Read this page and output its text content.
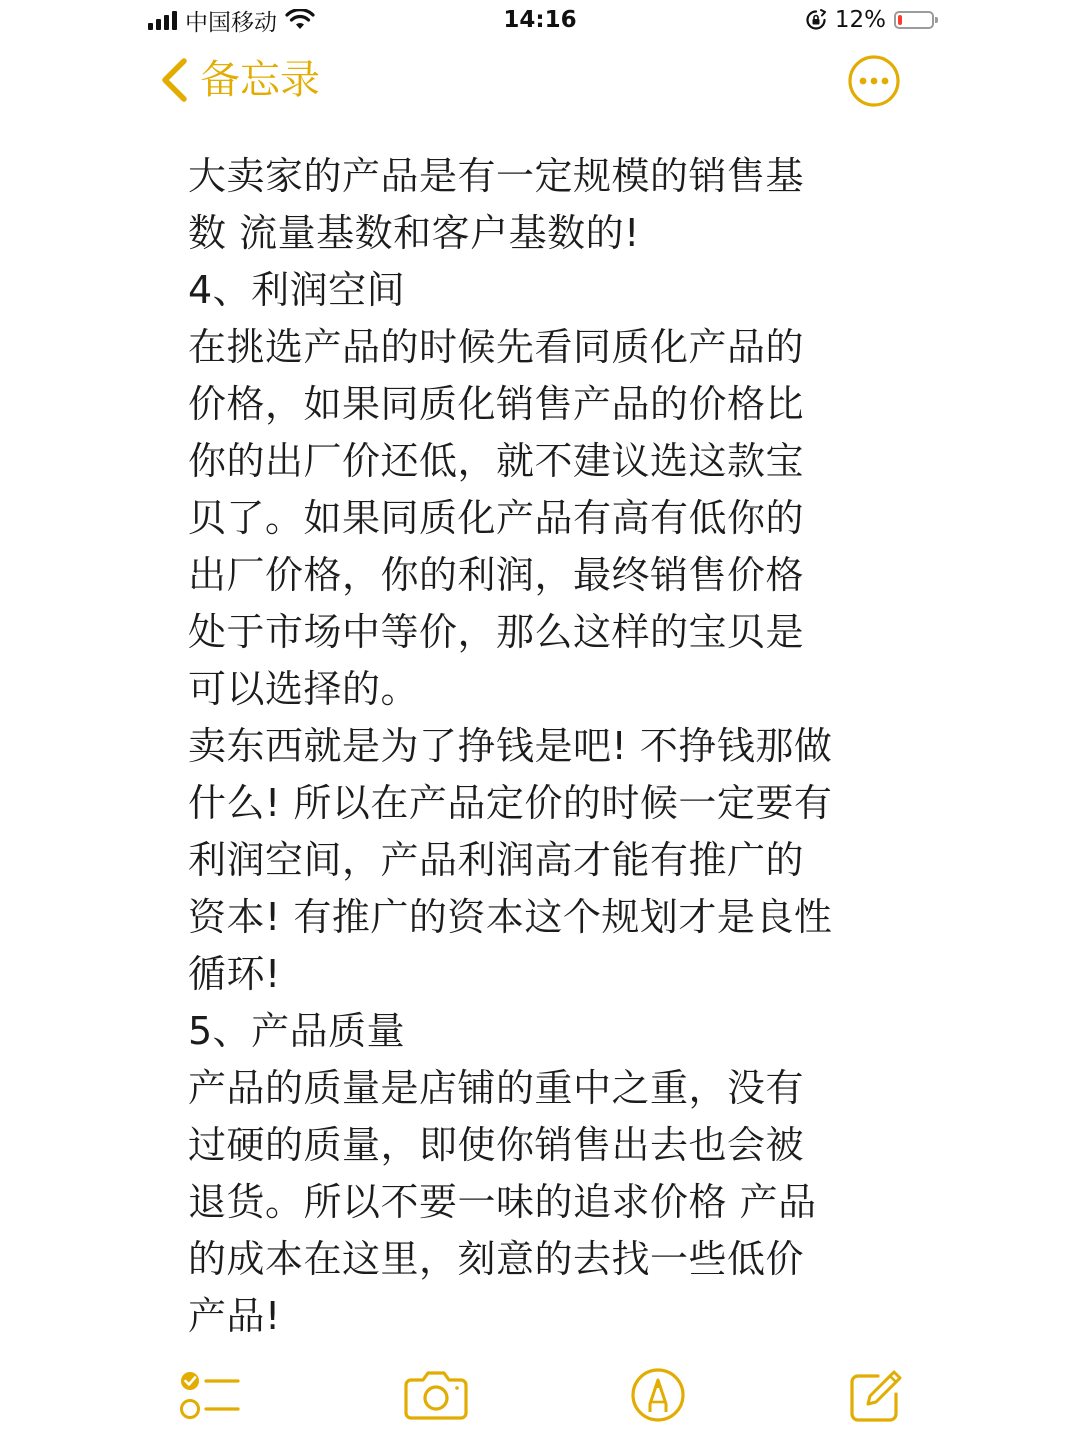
中国移动	14:16	12%
备忘录
大卖家的产品是有一定规模的销售基
数 流量基数和客户基数的!
4、利润空间
在挑选产品的时候先看同质化产品的
价格，如果同质化销售产品的价格比
你的出厂价还低，就不建议选这款宝
贝了。如果同质化产品有高有低你的
出厂价格，你的利润，最终销售价格
处于市场中等价，那么这样的宝贝是
可以选择的。
卖东西就是为了挣钱是吧! 不挣钱那做
什么! 所以在产品定价的时候一定要有
利润空间，产品利润高才能有推广的
资本! 有推广的资本这个规划才是良性
循环!
5、产品质量
产品的质量是店铺的重中之重，没有
过硬的质量，即使你销售出去也会被
退货。所以不要一味的追求价格 产品
的成本在这里，刻意的去找一些低价
产品!
